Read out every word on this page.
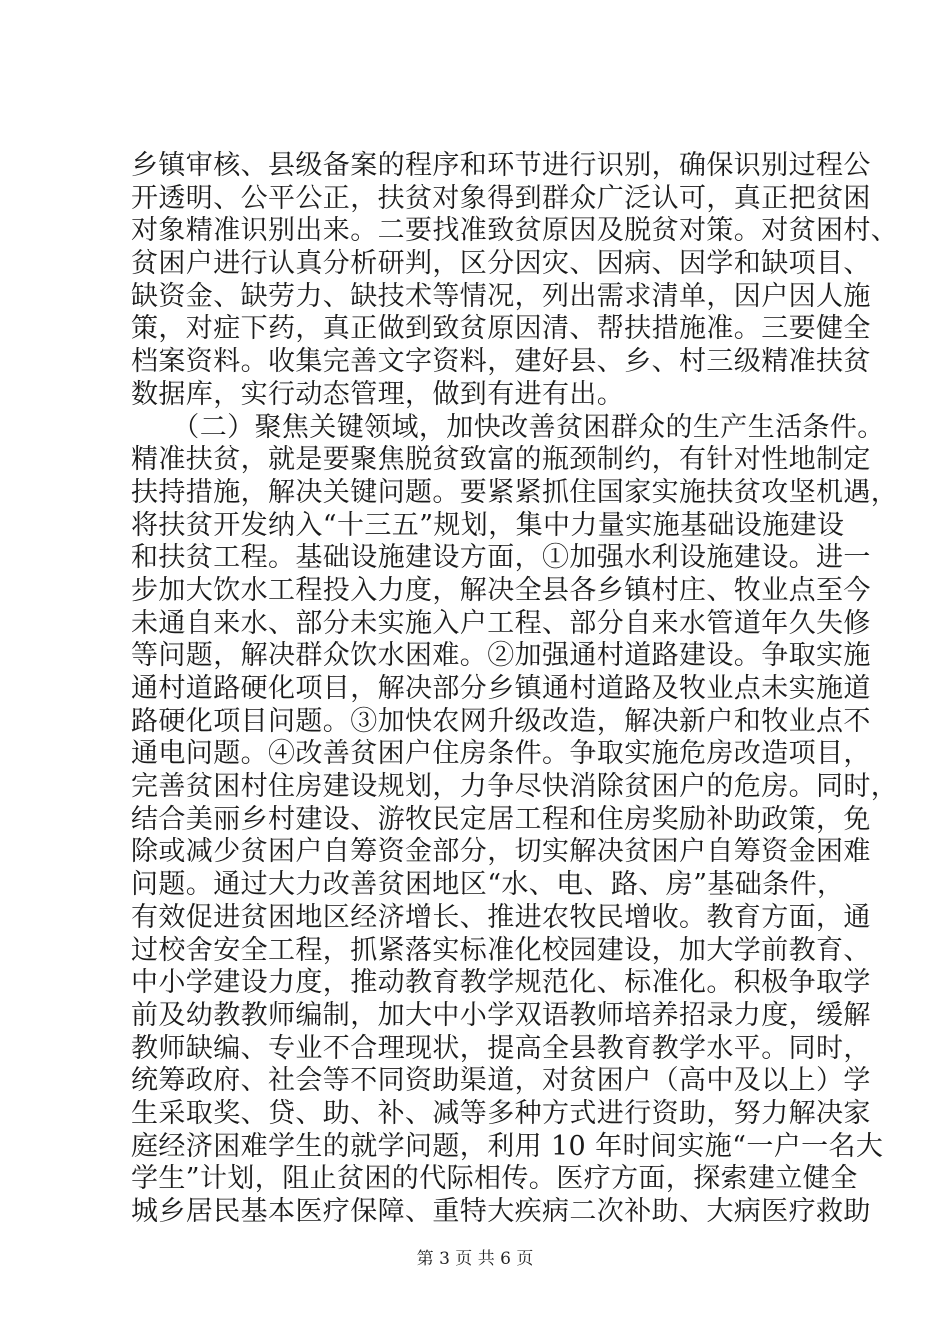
乡镇审核、县级备案的程序和环节进行识别，确保识别过程公
开透明、公平公正，扶贫对象得到群众广泛认可，真正把贫困
对象精准识别出来。二要找准致贫原因及脱贫对策。对贫困村、
贫困户进行认真分析研判，区分因灾、因病、因学和缺项目、
缺资金、缺劳力、缺技术等情况，列出需求清单，因户因人施
策，对症下药，真正做到致贫原因清、帮扶措施准。三要健全
档案资料。收集完善文字资料，建好县、乡、村三级精准扶贫
数据库，实行动态管理，做到有进有出。
　　（二）聚焦关键领域，加快改善贫困群众的生产生活条件。
精准扶贫，就是要聚焦脱贫致富的瓶颈制约，有针对性地制定
扶持措施，解决关键问题。要紧紧抓住国家实施扶贫攻坚机遇，
将扶贫开发纳入“十三五”规划，集中力量实施基础设施建设
和扶贫工程。基础设施建设方面，①加强水利设施建设。进一
步加大饮水工程投入力度，解决全县各乡镇村庄、牧业点至今
未通自来水、部分未实施入户工程、部分自来水管道年久失修
等问题，解决群众饮水困难。②加强通村道路建设。争取实施
通村道路硬化项目，解决部分乡镇通村道路及牧业点未实施道
路硬化项目问题。③加快农网升级改造，解决新户和牧业点不
通电问题。④改善贫困户住房条件。争取实施危房改造项目，
完善贫困村住房建设规划，力争尽快消除贫困户的危房。同时，
结合美丽乡村建设、游牧民定居工程和住房奖励补助政策，免
除或减少贫困户自筹资金部分，切实解决贫困户自筹资金困难
问题。通过大力改善贫困地区“水、电、路、房”基础条件，
有效促进贫困地区经济增长、推进农牧民增收。教育方面，通
过校舍安全工程，抓紧落实标准化校园建设，加大学前教育、
中小学建设力度，推动教育教学规范化、标准化。积极争取学
前及幼教教师编制，加大中小学双语教师培养招录力度，缓解
教师缺编、专业不合理现状，提高全县教育教学水平。同时，
统筹政府、社会等不同资助渠道，对贫困户（高中及以上）学
生采取奖、贷、助、补、减等多种方式进行资助，努力解决家
庭经济困难学生的就学问题，利用 10 年时间实施“一户一名大
学生”计划，阻止贫困的代际相传。医疗方面，探索建立健全
城乡居民基本医疗保障、重特大疾病二次补助、大病医疗救助
第 3 页 共 6 页
